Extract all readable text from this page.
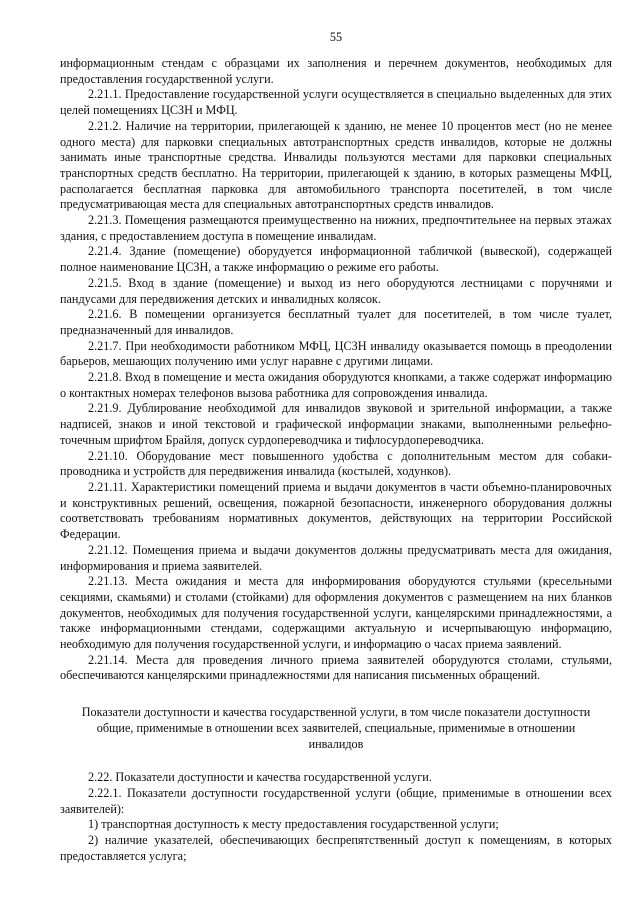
55

информационным стендам с образцами их заполнения и перечнем документов, необходимых для предоставления государственной услуги.

2.21.1. Предоставление государственной услуги осуществляется в специально выделенных для этих целей помещениях ЦСЗН и МФЦ.

2.21.2. Наличие на территории, прилегающей к зданию, не менее 10 процентов мест (но не менее одного места) для парковки специальных автотранспортных средств инвалидов, которые не должны занимать иные транспортные средства. Инвалиды пользуются местами для парковки специальных транспортных средств бесплатно. На территории, прилегающей к зданию, в которых размещены МФЦ, располагается бесплатная парковка для автомобильного транспорта посетителей, в том числе предусматривающая места для специальных автотранспортных средств инвалидов.

2.21.3. Помещения размещаются преимущественно на нижних, предпочтительнее на первых этажах здания, с предоставлением доступа в помещение инвалидам.

2.21.4. Здание (помещение) оборудуется информационной табличкой (вывеской), содержащей полное наименование ЦСЗН, а также информацию о режиме его работы.

2.21.5. Вход в здание (помещение) и выход из него оборудуются лестницами с поручнями и пандусами для передвижения детских и инвалидных колясок.

2.21.6. В помещении организуется бесплатный туалет для посетителей, в том числе туалет, предназначенный для инвалидов.

2.21.7. При необходимости работником МФЦ, ЦСЗН инвалиду оказывается помощь в преодолении барьеров, мешающих получению ими услуг наравне с другими лицами.

2.21.8. Вход в помещение и места ожидания оборудуются кнопками, а также содержат информацию о контактных номерах телефонов вызова работника для сопровождения инвалида.

2.21.9. Дублирование необходимой для инвалидов звуковой и зрительной информации, а также надписей, знаков и иной текстовой и графической информации знаками, выполненными рельефно-точечным шрифтом Брайля, допуск сурдопереводчика и тифлосурдопереводчика.

2.21.10. Оборудование мест повышенного удобства с дополнительным местом для собаки-проводника и устройств для передвижения инвалида (костылей, ходунков).

2.21.11. Характеристики помещений приема и выдачи документов в части объемно-планировочных и конструктивных решений, освещения, пожарной безопасности, инженерного оборудования должны соответствовать требованиям нормативных документов, действующих на территории Российской Федерации.

2.21.12. Помещения приема и выдачи документов должны предусматривать места для ожидания, информирования и приема заявителей.

2.21.13. Места ожидания и места для информирования оборудуются стульями (кресельными секциями, скамьями) и столами (стойками) для оформления документов с размещением на них бланков документов, необходимых для получения государственной услуги, канцелярскими принадлежностями, а также информационными стендами, содержащими актуальную и исчерпывающую информацию, необходимую для получения государственной услуги, и информацию о часах приема заявлений.

2.21.14. Места для проведения личного приема заявителей оборудуются столами, стульями, обеспечиваются канцелярскими принадлежностями для написания письменных обращений.

Показатели доступности и качества государственной услуги, в том числе показатели доступности общие, применимые в отношении всех заявителей, специальные, применимые в отношении инвалидов

2.22. Показатели доступности и качества государственной услуги.

2.22.1. Показатели доступности государственной услуги (общие, применимые в отношении всех заявителей):

1) транспортная доступность к месту предоставления государственной услуги;

2) наличие указателей, обеспечивающих беспрепятственный доступ к помещениям, в которых предоставляется услуга;
